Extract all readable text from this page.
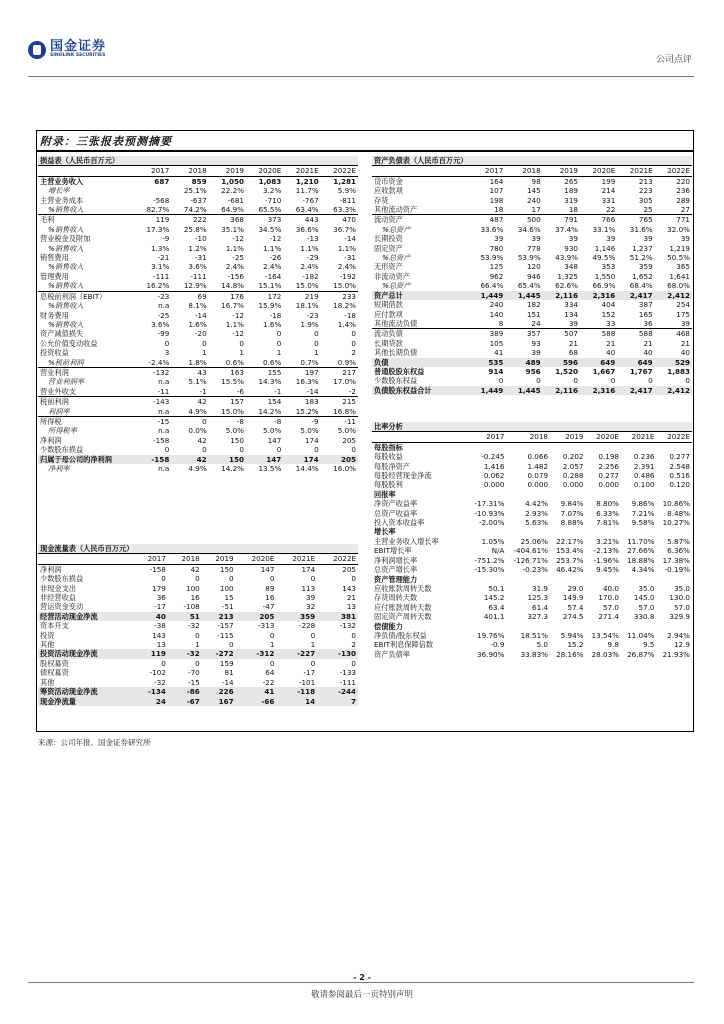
国金证券
SINOLINK SECURITIES	公司点评
附录：三张报表预测摘要
损益表（人民币百万元）						
	2017	2018	2019	2020E	2021E	2022E
主营业务收入	687	859	1,050	1,083	1,210	1,281
增长率		25.1%	22.2%	3.2%	11.7%	5.9%
主营业务成本	-568	-637	-681	-710	-767	-811
%销售收入	82.7%	74.2%	64.9%	65.5%	63.4%	63.3%
毛利	119	222	368	373	443	470
%销售收入	17.3%	25.8%	35.1%	34.5%	36.6%	36.7%
营业税金及附加	-9	-10	-12	-12	-13	-14
%销售收入	1.3%	1.2%	1.1%	1.1%	1.1%	1.1%
销售费用	-21	-31	-25	-26	-29	-31
%销售收入	3.1%	3.6%	2.4%	2.4%	2.4%	2.4%
管理费用	-111	-111	-156	-164	-182	-192
%销售收入	16.2%	12.9%	14.8%	15.1%	15.0%	15.0%
息税前利润（EBIT）	-23	69	176	172	219	233
%销售收入	n.a	8.1%	16.7%	15.9%	18.1%	18.2%
财务费用	-25	-14	-12	-18	-23	-18
%销售收入	3.6%	1.6%	1.1%	1.6%	1.9%	1.4%
资产减值损失	-99	-20	-12	0	0	0
公允价值变动收益	0	0	0	0	0	0
投资收益	3	1	1	1	1	2
%税前利润	-2.4%	1.8%	0.6%	0.6%	0.7%	0.9%
营业利润	-132	43	163	155	197	217
营业利润率	n.a	5.1%	15.5%	14.3%	16.3%	17.0%
营业外收支	-11	-1	-6	-1	-14	-2
税前利润	-143	42	157	154	183	215
利润率	n.a	4.9%	15.0%	14.2%	15.2%	16.8%
所得税	-15	0	-8	-8	-9	-11
所得税率	n.a	0.0%	5.0%	5.0%	5.0%	5.0%
净利润	-158	42	150	147	174	205
少数股东损益	0	0	0	0	0	0
归属于母公司的净利润	-158	42	150	147	174	205
净利率	n.a	4.9%	14.2%	13.5%	14.4%	16.0%
现金流量表（人民币百万元）						
	2017	2018	2019	2020E	2021E	2022E
净利润	-158	42	150	147	174	205
少数股东损益	0	0	0	0	0	0
非现金支出	179	100	100	89	113	143
非经营收益	36	16	15	16	39	21
营运资金变动	-17	-108	-51	-47	32	13
经营活动现金净流	40	51	213	205	359	381
资本开支	-38	-32	-157	-313	-228	-132
投资	143	0	-115	0	0	0
其他	13	1	0	1	1	2
投资活动现金净流	119	-32	-272	-312	-227	-130
股权募资	0	0	159	0	0	0
债权募资	-102	-70	81	64	-17	-133
其他	-32	-15	-14	-22	-101	-111
筹资活动现金净流	-134	-86	226	41	-118	-244
现金净流量	24	-67	167	-66	14	7
资产负债表（人民币百万元）						
	2017	2018	2019	2020E	2021E	2022E
货币资金	164	98	265	199	213	220
应收款项	107	145	189	214	223	236
存货	198	240	319	331	305	289
其他流动资产	18	17	18	22	25	27
流动资产	487	500	791	766	765	771
%总资产	33.6%	34.6%	37.4%	33.1%	31.6%	32.0%
长期投资	39	39	39	39	39	39
固定资产	780	778	930	1,146	1,237	1,219
%总资产	53.9%	53.9%	43.9%	49.5%	51.2%	50.5%
无形资产	125	120	348	353	359	365
非流动资产	962	946	1,325	1,550	1,652	1,641
%总资产	66.4%	65.4%	62.6%	66.9%	68.4%	68.0%
资产总计	1,449	1,445	2,116	2,316	2,417	2,412
短期借款	240	182	334	404	387	254
应付款项	140	151	134	152	165	175
其他流动负债	8	24	39	33	36	39
流动负债	389	357	507	588	588	468
长期贷款	105	93	21	21	21	21
其他长期负债	41	39	68	40	40	40
负债	535	489	596	649	649	529
普通股股东权益	914	956	1,520	1,667	1,767	1,883
少数股东权益	0	0	0	0	0	0
负债股东权益合计	1,449	1,445	2,116	2,316	2,417	2,412
比率分析						
	2017	2018	2019	2020E	2021E	2022E
每股指标						
每股收益	-0.245	0.066	0.202	0.198	0.236	0.277
每股净资产	1.416	1.482	2.057	2.256	2.391	2.548
每股经营现金净流	0.062	0.079	0.288	0.277	0.486	0.516
每股股利	0.000	0.000	0.000	0.000	0.100	0.120
回报率						
净资产收益率	-17.31%	4.42%	9.84%	8.80%	9.86%	10.86%
总资产收益率	-10.93%	2.93%	7.07%	6.33%	7.21%	8.48%
投入资本收益率	-2.00%	5.63%	8.88%	7.81%	9.58%	10.27%
增长率						
主营业务收入增长率	1.05%	25.06%	22.17%	3.21%	11.70%	5.87%
EBIT增长率	N/A	-404.61%	153.4%	-2.13%	27.66%	6.36%
净利润增长率	-751.2%	-126.71%	253.7%	-1.96%	18.88%	17.38%
总资产增长率	-15.30%	-0.23%	46.42%	9.45%	4.34%	-0.19%
资产管理能力						
应收账款周转天数	50.1	31.9	29.0	40.0	35.0	35.0
存货周转天数	145.2	125.3	149.9	170.0	145.0	130.0
应付账款周转天数	63.4	61.4	57.4	57.0	57.0	57.0
固定资产周转天数	401.1	327.3	274.5	271.4	330.8	329.9
偿债能力						
净负债/股东权益	19.76%	18.51%	5.94%	13.54%	11.04%	2.94%
EBIT利息保障倍数	-0.9	5.0	15.2	9.8	9.5	12.9
资产负债率	36.90%	33.83%	28.16%	28.03%	26.87%	21.93%
来源：公司年报、国金证券研究所
- 2 -
敬请参阅最后一页特别声明
